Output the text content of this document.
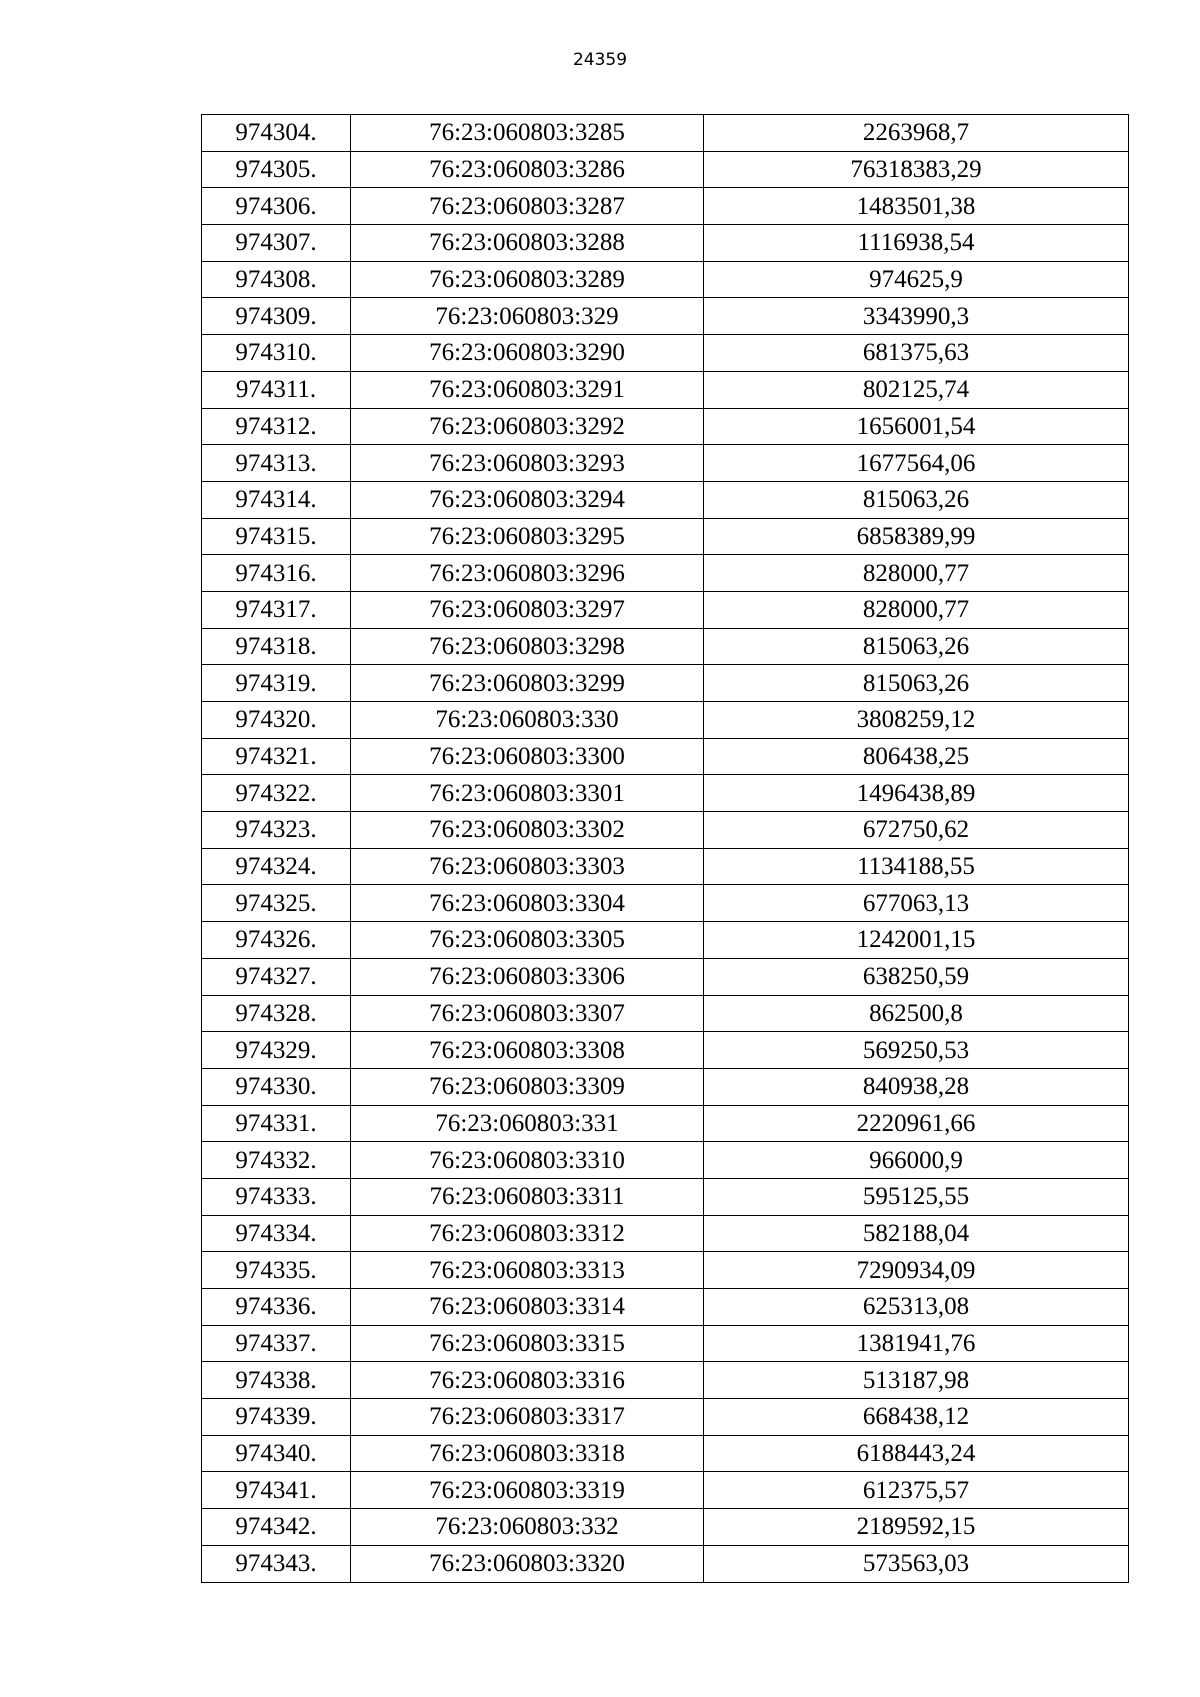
24359
974304.	76:23:060803:3285	2263968,7
974305.	76:23:060803:3286	76318383,29
974306.	76:23:060803:3287	1483501,38
974307.	76:23:060803:3288	1116938,54
974308.	76:23:060803:3289	974625,9
974309.	76:23:060803:329	3343990,3
974310.	76:23:060803:3290	681375,63
974311.	76:23:060803:3291	802125,74
974312.	76:23:060803:3292	1656001,54
974313.	76:23:060803:3293	1677564,06
974314.	76:23:060803:3294	815063,26
974315.	76:23:060803:3295	6858389,99
974316.	76:23:060803:3296	828000,77
974317.	76:23:060803:3297	828000,77
974318.	76:23:060803:3298	815063,26
974319.	76:23:060803:3299	815063,26
974320.	76:23:060803:330	3808259,12
974321.	76:23:060803:3300	806438,25
974322.	76:23:060803:3301	1496438,89
974323.	76:23:060803:3302	672750,62
974324.	76:23:060803:3303	1134188,55
974325.	76:23:060803:3304	677063,13
974326.	76:23:060803:3305	1242001,15
974327.	76:23:060803:3306	638250,59
974328.	76:23:060803:3307	862500,8
974329.	76:23:060803:3308	569250,53
974330.	76:23:060803:3309	840938,28
974331.	76:23:060803:331	2220961,66
974332.	76:23:060803:3310	966000,9
974333.	76:23:060803:3311	595125,55
974334.	76:23:060803:3312	582188,04
974335.	76:23:060803:3313	7290934,09
974336.	76:23:060803:3314	625313,08
974337.	76:23:060803:3315	1381941,76
974338.	76:23:060803:3316	513187,98
974339.	76:23:060803:3317	668438,12
974340.	76:23:060803:3318	6188443,24
974341.	76:23:060803:3319	612375,57
974342.	76:23:060803:332	2189592,15
974343.	76:23:060803:3320	573563,03
